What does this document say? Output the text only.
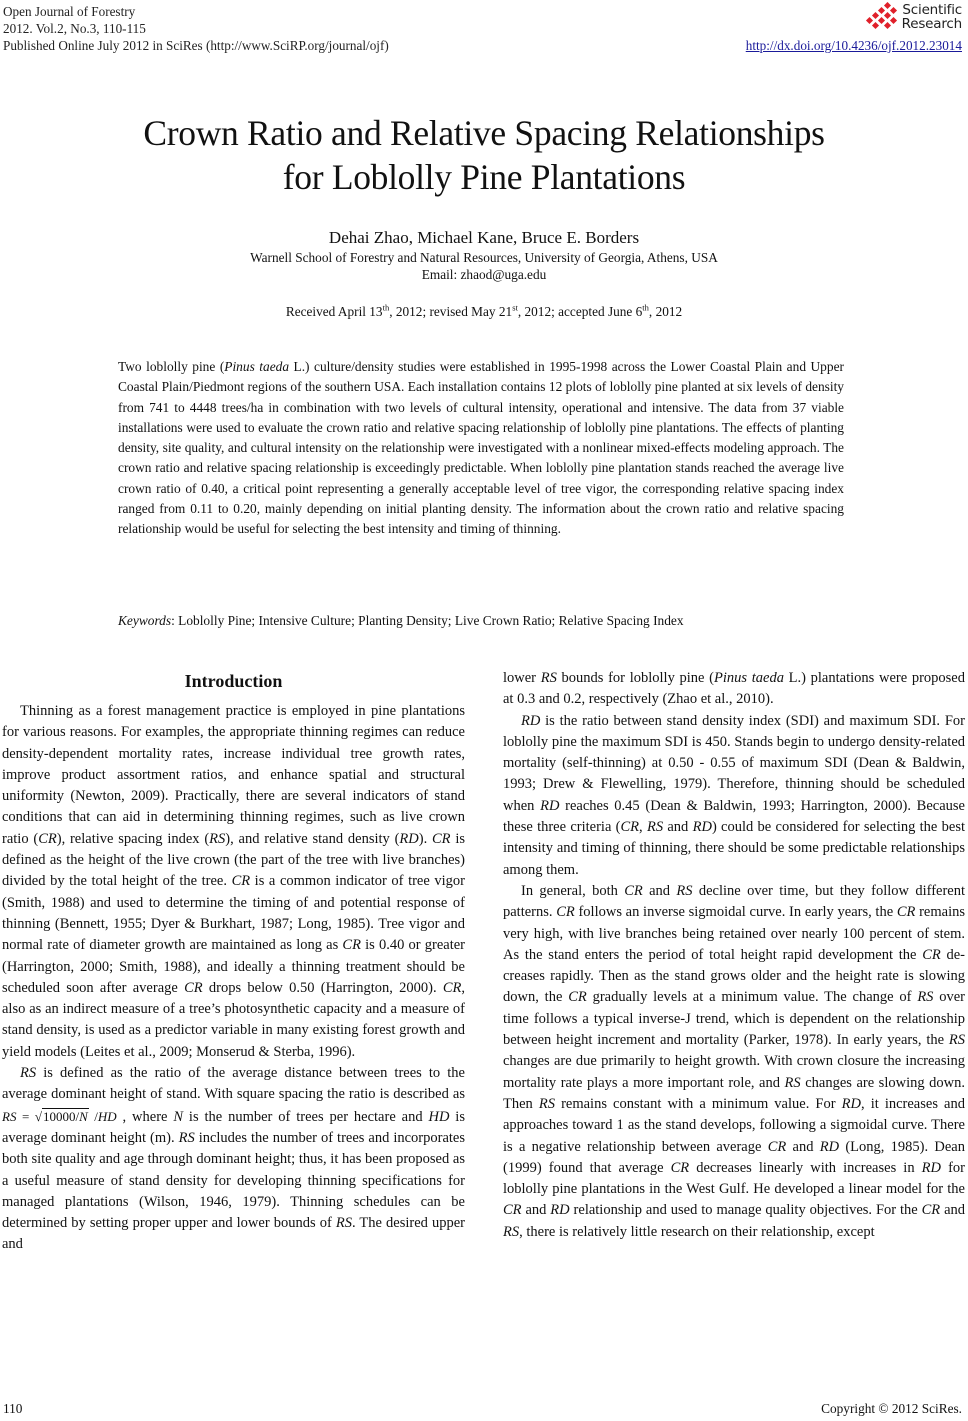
Open Journal of Forestry
2012. Vol.2, No.3, 110-115
Published Online July 2012 in SciRes (http://www.SciRP.org/journal/ojf)
Scientific
Research
http://dx.doi.org/10.4236/ojf.2012.23014
Crown Ratio and Relative Spacing Relationships
for Loblolly Pine Plantations
Dehai Zhao, Michael Kane, Bruce E. Borders
Warnell School of Forestry and Natural Resources, University of Georgia, Athens, USA
Email: zhaod@uga.edu
Received April 13th, 2012; revised May 21st, 2012; accepted June 6th, 2012
Two loblolly pine (Pinus taeda L.) culture/density studies were established in 1995-1998 across the Lower Coastal Plain and Upper Coastal Plain/Piedmont regions of the southern USA. Each installation contains 12 plots of loblolly pine planted at six levels of density from 741 to 4448 trees/ha in combination with two levels of cultural intensity, operational and intensive. The data from 37 viable installations were used to evaluate the crown ratio and relative spacing relationship of loblolly pine plantations. The effects of planting density, site quality, and cultural intensity on the relationship were investigated with a nonlinear mixed-effects modeling approach. The crown ratio and relative spacing relationship is exceedingly predictable. When loblolly pine plantation stands reached the average live crown ratio of 0.40, a critical point representing a generally acceptable level of tree vigor, the corresponding relative spacing index ranged from 0.11 to 0.20, mainly depending on initial planting density. The information about the crown ratio and relative spacing relationship would be useful for selecting the best intensity and timing of thinning.
Keywords: Loblolly Pine; Intensive Culture; Planting Density; Live Crown Ratio; Relative Spacing Index
Introduction

Thinning as a forest management practice is employed in pine plantations for various reasons. For examples, the appropriate thinning regimes can reduce density-dependent mortality rates, increase individual tree growth rates, improve product assortment ratios, and enhance spatial and structural uniformity (Newton, 2009). Practically, there are several indicators of stand conditions that can aid in determining thinning regimes, such as live crown ratio (CR), relative spacing index (RS), and relative stand density (RD). CR is defined as the height of the live crown (the part of the tree with live branches) divided by the total height of the tree. CR is a common indicator of tree vigor (Smith, 1988) and used to determine the timing of and potential response of thinning (Bennett, 1955; Dyer & Burkhart, 1987; Long, 1985). Tree vigor and normal rate of diameter growth are maintained as long as CR is 0.40 or greater (Harrington, 2000; Smith, 1988), and ideally a thinning treatment should be scheduled soon after average CR drops below 0.50 (Harrington, 2000). CR, also as an indirect measure of a tree’s photosynthetic capacity and a measure of stand density, is used as a predictor variable in many existing forest growth and yield models (Leites et al., 2009; Monserud & Sterba, 1996).

RS is defined as the ratio of the average distance between trees to the average dominant height of stand. With square spacing the ratio is described as RS = √10000/N /HD , where N is the number of trees per hectare and HD is average dominant height (m). RS includes the number of trees and incorporates both site quality and age through dominant height; thus, it has been proposed as a useful measure of stand density for developing thinning specifications for managed plantations (Wilson, 1946, 1979). Thinning schedules can be determined by setting proper upper and lower bounds of RS. The desired upper and

lower RS bounds for loblolly pine (Pinus taeda L.) plantations were proposed at 0.3 and 0.2, respectively (Zhao et al., 2010).

RD is the ratio between stand density index (SDI) and maximum SDI. For loblolly pine the maximum SDI is 450. Stands begin to undergo density-related mortality (self-thinning) at 0.50 - 0.55 of maximum SDI (Dean & Baldwin, 1993; Drew & Flewelling, 1979). Therefore, thinning should be scheduled when RD reaches 0.45 (Dean & Baldwin, 1993; Harrington, 2000). Because these three criteria (CR, RS and RD) could be considered for selecting the best intensity and timing of thinning, there should be some predictable relationships among them.

In general, both CR and RS decline over time, but they follow different patterns. CR follows an inverse sigmoidal curve. In early years, the CR remains very high, with live branches being retained over nearly 100 percent of stem. As the stand enters the period of total height rapid development the CR decreases rapidly. Then as the stand grows older and the height rate is slowing down, the CR gradually levels at a minimum value. The change of RS over time follows a typical inverse-J trend, which is dependent on the relationship between height increment and mortality (Parker, 1978). In early years, the RS changes are due primarily to height growth. With crown closure the increasing mortality rate plays a more important role, and RS changes are slowing down. Then RS remains constant with a minimum value. For RD, it increases and approaches toward 1 as the stand develops, following a sigmoidal curve. There is a negative relationship between average CR and RD (Long, 1985). Dean (1999) found that average CR decreases linearly with increases in RD for loblolly pine plantations in the West Gulf. He developed a linear model for the CR and RD relationship and used to manage quality objectives. For the CR and RS, there is relatively little research on their relationship, except

110	Copyright © 2012 SciRes.
